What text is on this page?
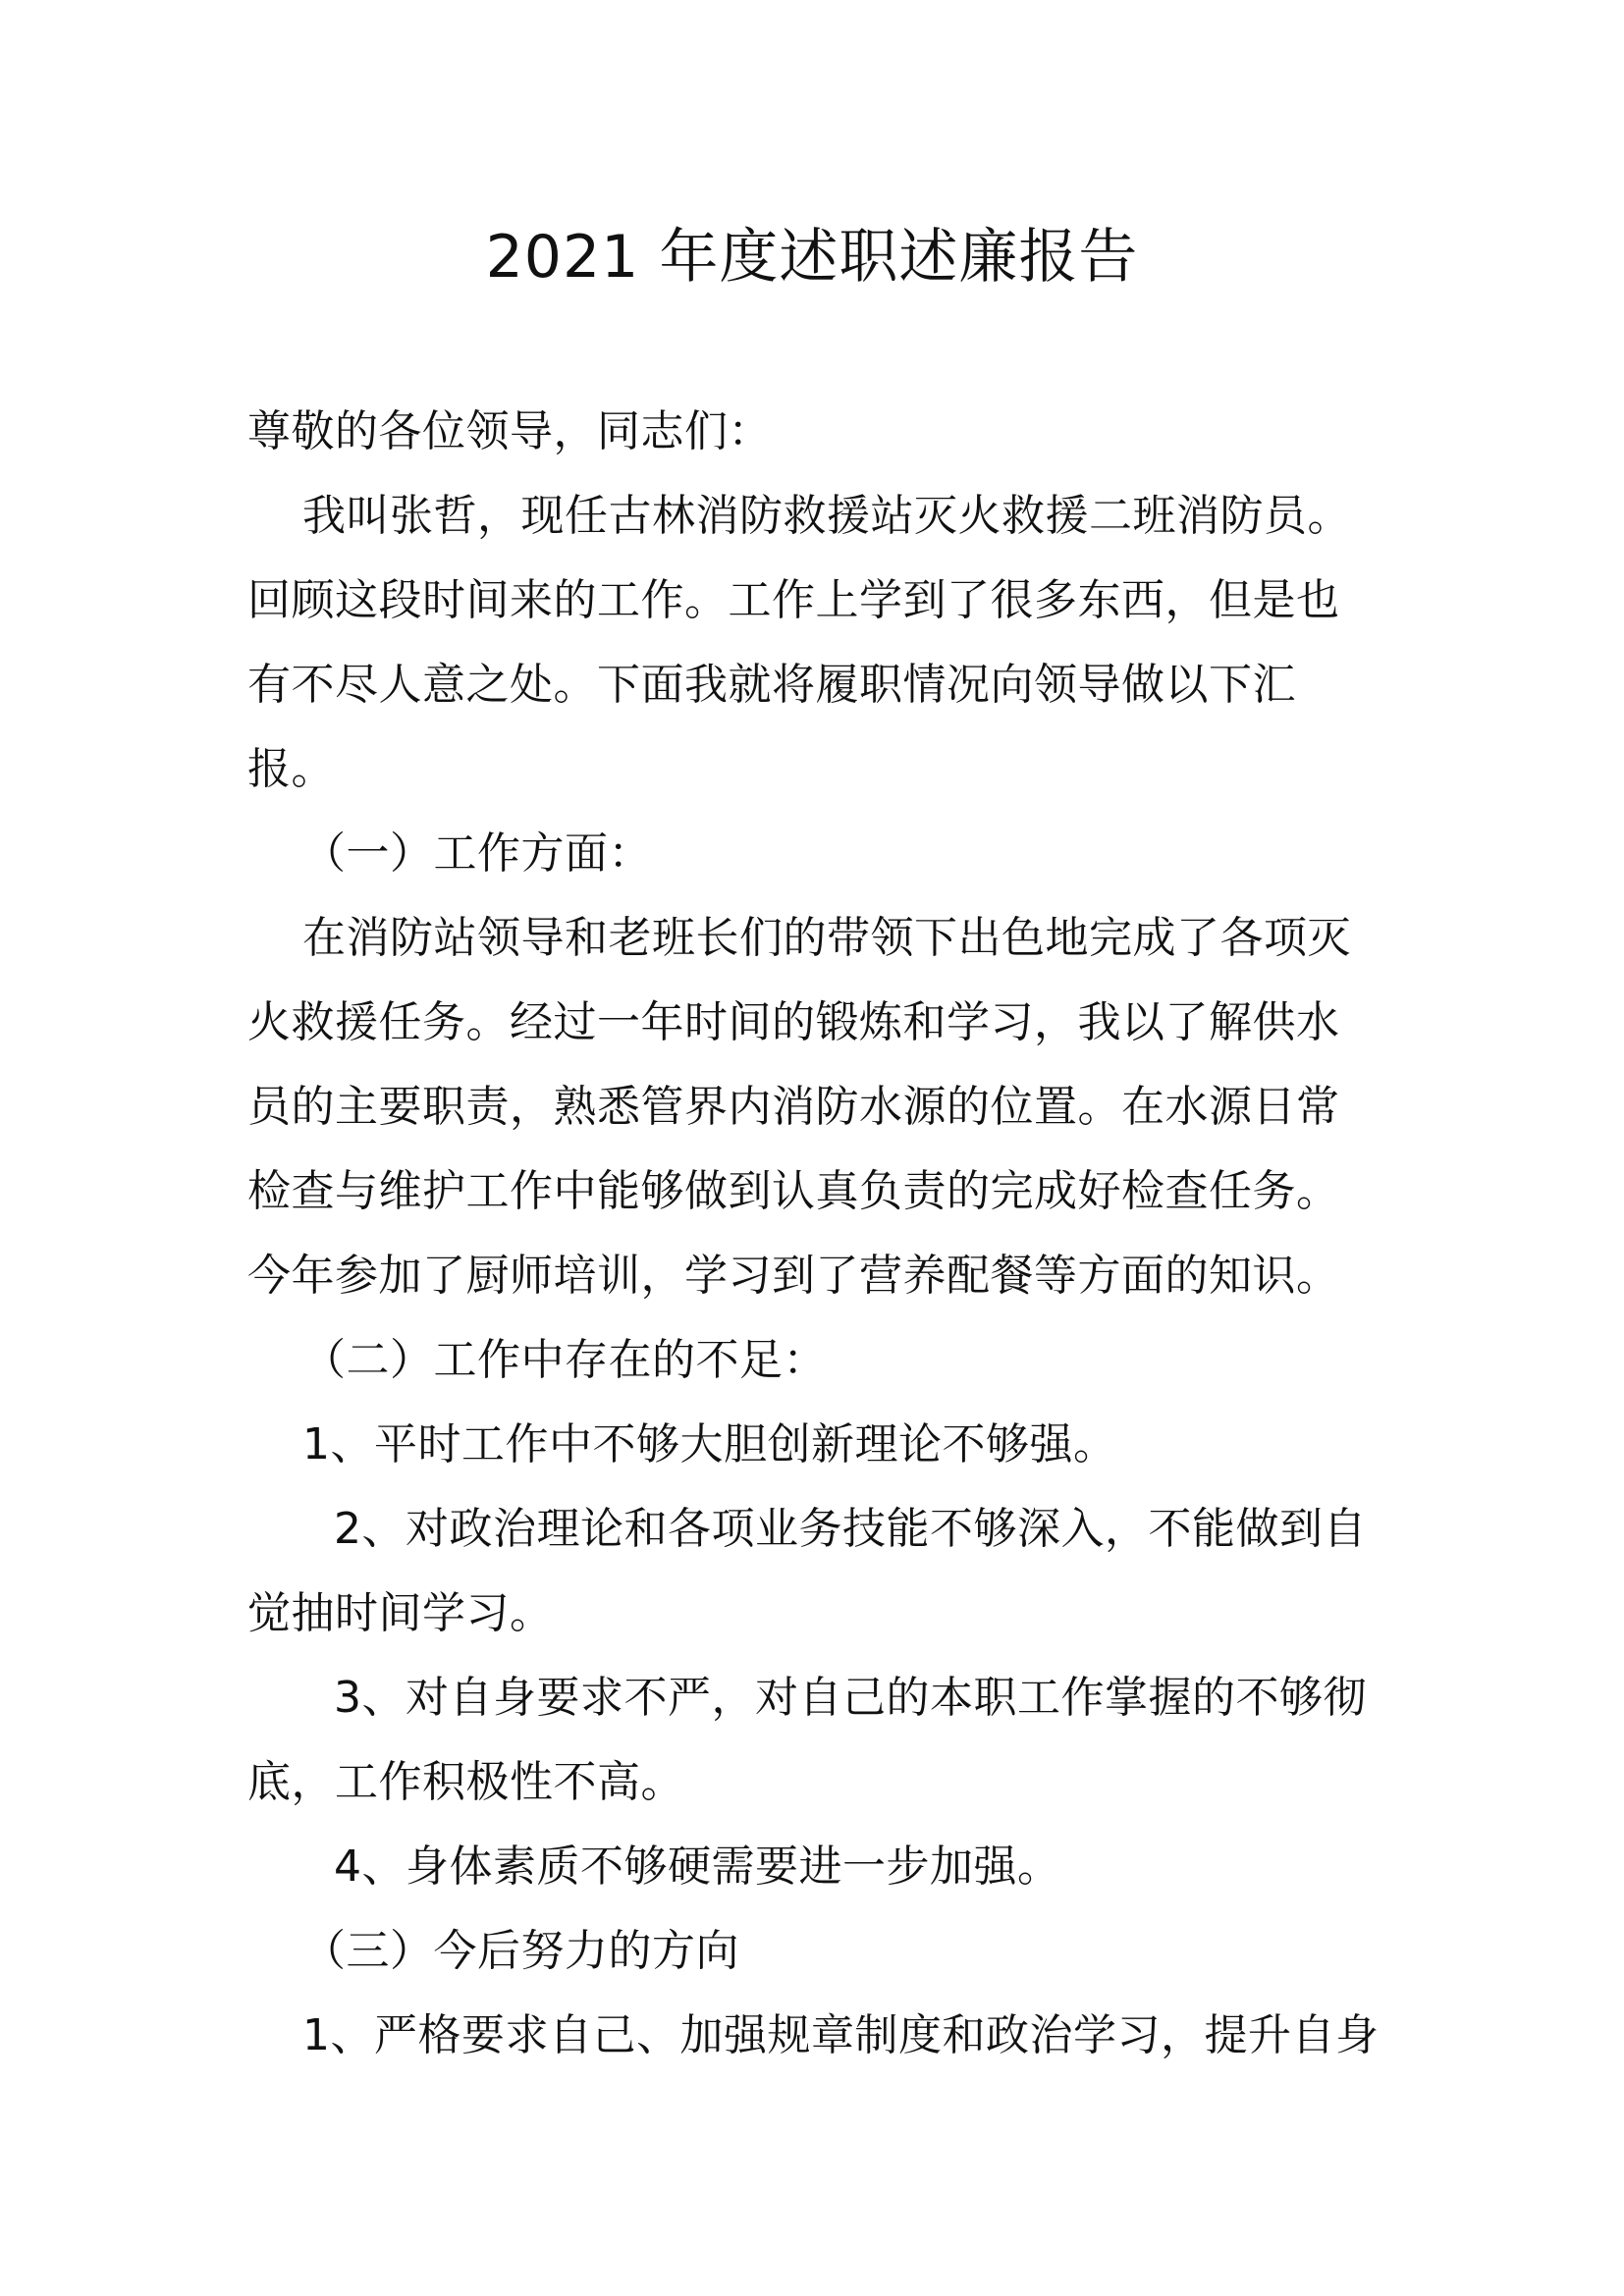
2021 年度述职述廉报告
尊敬的各位领导，同志们：
我叫张哲，现任古林消防救援站灭火救援二班消防员。
回顾这段时间来的工作。工作上学到了很多东西，但是也
有不尽人意之处。下面我就将履职情况向领导做以下汇
报。
（一）工作方面：
在消防站领导和老班长们的带领下出色地完成了各项灭
火救援任务。经过一年时间的锻炼和学习，我以了解供水
员的主要职责，熟悉管界内消防水源的位置。在水源日常
检查与维护工作中能够做到认真负责的完成好检查任务。
今年参加了厨师培训，学习到了营养配餐等方面的知识。
（二）工作中存在的不足：
1、平时工作中不够大胆创新理论不够强。
2、对政治理论和各项业务技能不够深入，不能做到自
觉抽时间学习。
3、对自身要求不严，对自己的本职工作掌握的不够彻
底，工作积极性不高。
4、身体素质不够硬需要进一步加强。
（三）今后努力的方向
1、严格要求自己、加强规章制度和政治学习，提升自身
